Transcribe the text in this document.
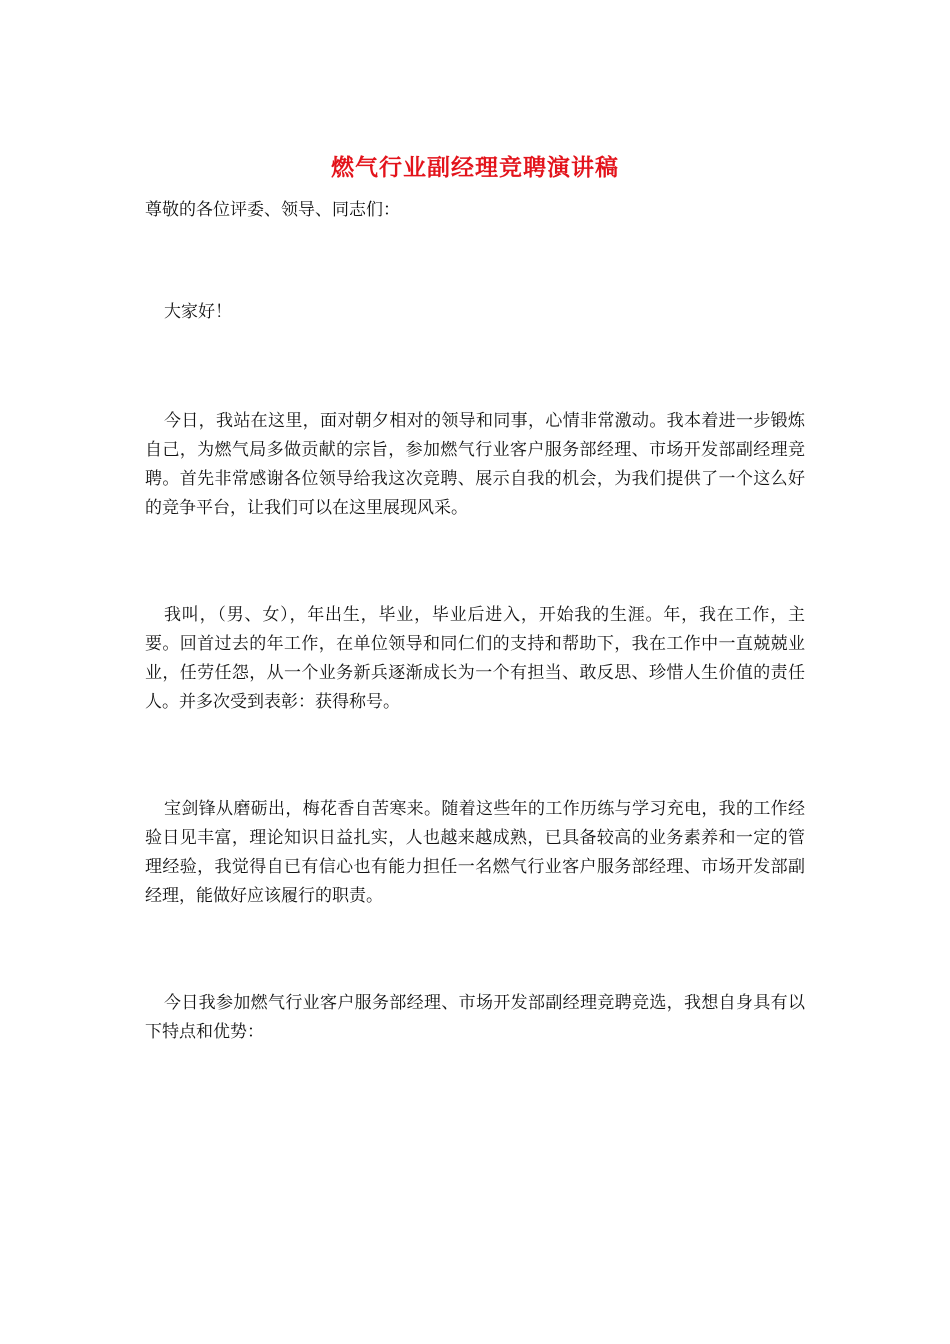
燃气行业副经理竞聘演讲稿

尊敬的各位评委、领导、同志们：

大家好！

今日，我站在这里，面对朝夕相对的领导和同事，心情非常激动。我本着进一步锻炼自己，为燃气局多做贡献的宗旨，参加燃气行业客户服务部经理、市场开发部副经理竞聘。首先非常感谢各位领导给我这次竞聘、展示自我的机会，为我们提供了一个这么好的竞争平台，让我们可以在这里展现风采。

我叫，（男、女），年出生，毕业，毕业后进入，开始我的生涯。年，我在工作，主要。回首过去的年工作，在单位领导和同仁们的支持和帮助下，我在工作中一直兢兢业业，任劳任怨，从一个业务新兵逐渐成长为一个有担当、敢反思、珍惜人生价值的责任人。并多次受到表彰：获得称号。

宝剑锋从磨砺出，梅花香自苦寒来。随着这些年的工作历练与学习充电，我的工作经验日见丰富，理论知识日益扎实，人也越来越成熟，已具备较高的业务素养和一定的管理经验，我觉得自已有信心也有能力担任一名燃气行业客户服务部经理、市场开发部副经理，能做好应该履行的职责。

今日我参加燃气行业客户服务部经理、市场开发部副经理竞聘竞选，我想自身具有以下特点和优势：
